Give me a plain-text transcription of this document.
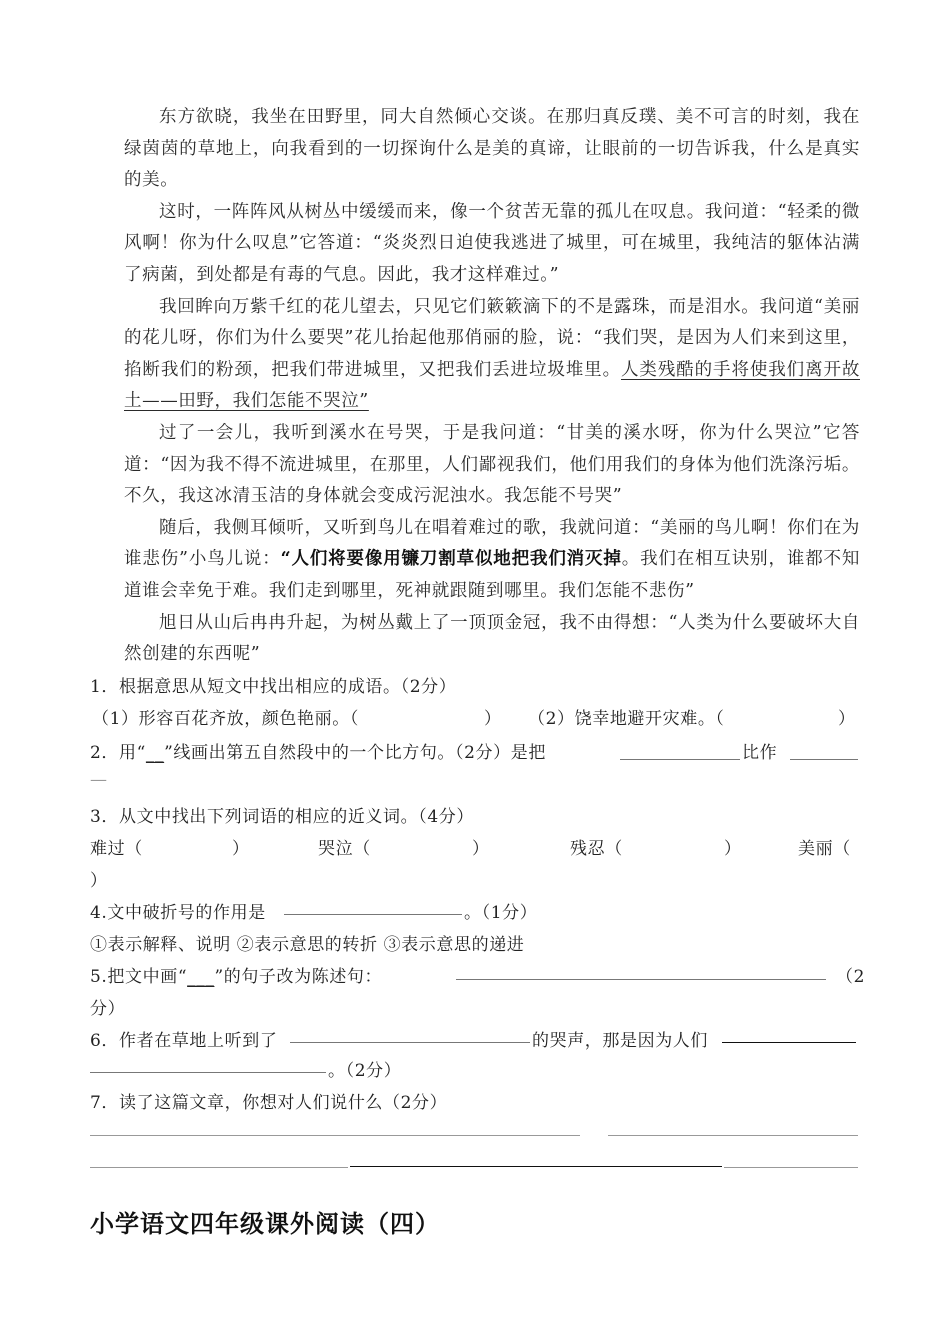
东方欲晓，我坐在田野里，同大自然倾心交谈。在那归真反璞、美不可言的时刻，我在绿茵茵的草地上，向我看到的一切探询什么是美的真谛，让眼前的一切告诉我，什么是真实的美。

这时，一阵阵风从树丛中缓缓而来，像一个贫苦无靠的孤儿在叹息。我问道：“轻柔的微风啊！你为什么叹息”它答道：“炎炎烈日迫使我逃进了城里，可在城里，我纯洁的躯体沾满了病菌，到处都是有毒的气息。因此，我才这样难过。”

我回眸向万紫千红的花儿望去，只见它们簌簌滴下的不是露珠，而是泪水。我问道“美丽的花儿呀，你们为什么要哭”花儿抬起他那俏丽的脸，说：“我们哭，是因为人们来到这里，掐断我们的粉颈，把我们带进城里，又把我们丢进垃圾堆里。人类残酷的手将使我们离开故土——田野，我们怎能不哭泣”

过了一会儿，我听到溪水在号哭，于是我问道：“甘美的溪水呀，你为什么哭泣”它答道：“因为我不得不流进城里，在那里，人们鄙视我们，他们用我们的身体为他们洗涤污垢。不久，我这冰清玉洁的身体就会变成污泥浊水。我怎能不号哭”

随后，我侧耳倾听，又听到鸟儿在唱着难过的歌，我就问道：“美丽的鸟儿啊！你们在为谁悲伤”小鸟儿说：“人们将要像用镰刀割草似地把我们消灭掉。我们在相互诀别，谁都不知道谁会幸免于难。我们走到哪里，死神就跟随到哪里。我们怎能不悲伤”

旭日从山后冉冉升起，为树丛戴上了一顶顶金冠，我不由得想：“人类为什么要破坏大自然创建的东西呢”

1．根据意思从短文中找出相应的成语。（2分）
（1）形容百花齐放，颜色艳丽。（	） （2）饶幸地避开灾难。（	）
2．用“__”线画出第五自然段中的一个比方句。（2分）是把	比作
—
3．从文中找出下列词语的相应的近义词。（4分）
难过（	）	哭泣（	）	残忍（	）	美丽（
）
4.文中破折号的作用是	。（1分）
①表示解释、说明 ②表示意思的转折 ③表示意思的递进
5.把文中画“___”的句子改为陈述句：	（2
分）
6．作者在草地上听到了	的哭声，那是因为人们
。（2分）
7．读了这篇文章，你想对人们说什么（2分）
小学语文四年级课外阅读（四）
